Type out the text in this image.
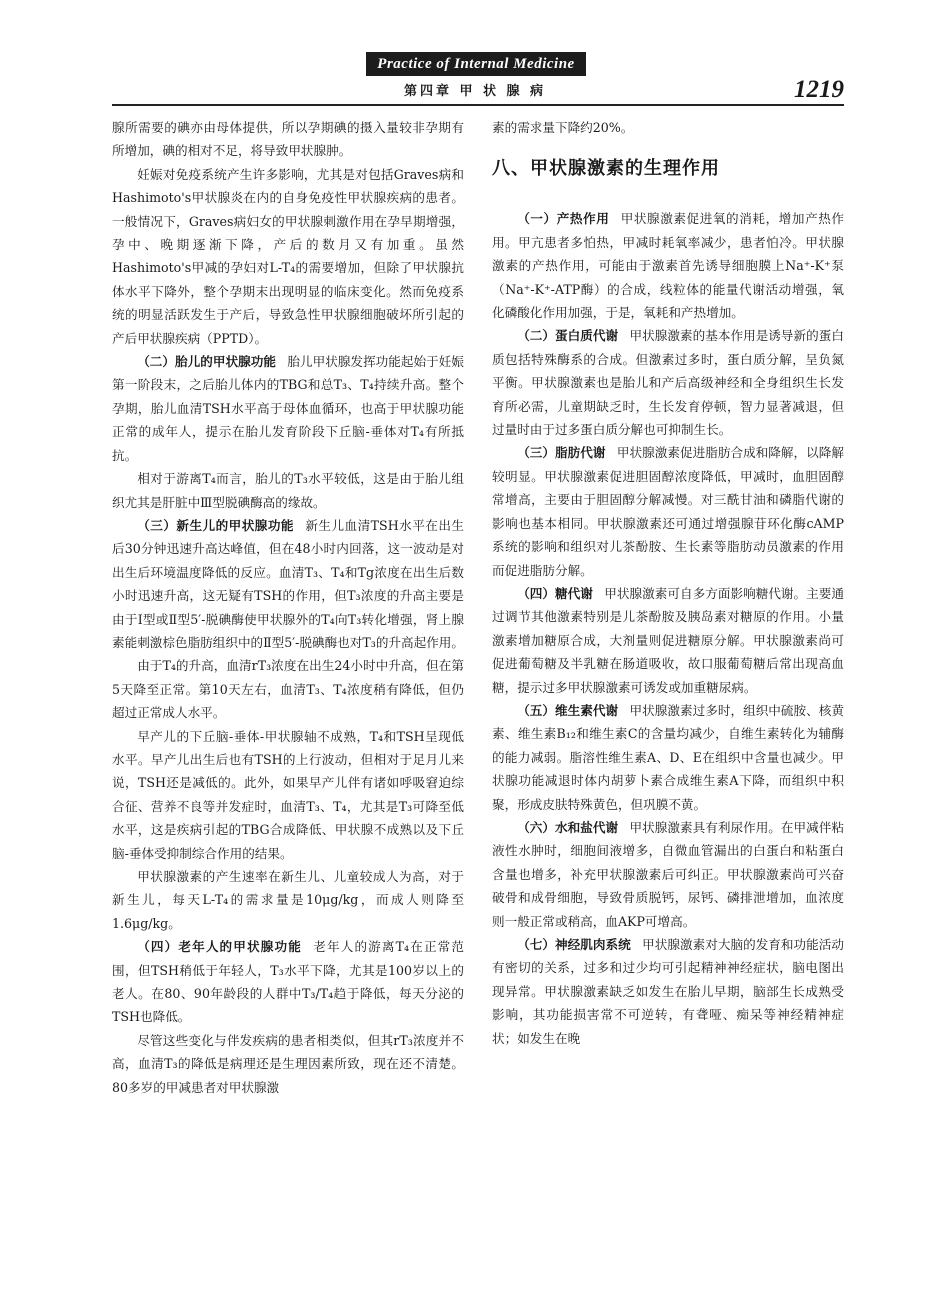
Practice of Internal Medicine
第四章 甲 状 腺 病	1219

腺所需要的碘亦由母体提供，所以孕期碘的摄入量较非孕期有所增加，碘的相对不足，将导致甲状腺肿。

妊娠对免疫系统产生许多影响，尤其是对包括Graves病和Hashimoto's甲状腺炎在内的自身免疫性甲状腺疾病的患者。一般情况下，Graves病妇女的甲状腺刺激作用在孕早期增强，孕中、晚期逐渐下降，产后的数月又有加重。虽然Hashimoto's甲减的孕妇对L-T₄的需要增加，但除了甲状腺抗体水平下降外，整个孕期末出现明显的临床变化。然而免疫系统的明显活跃发生于产后，导致急性甲状腺细胞破坏所引起的产后甲状腺疾病（PPTD）。

（二）胎儿的甲状腺功能 胎儿甲状腺发挥功能起始于妊娠第一阶段末，之后胎儿体内的TBG和总T₃、T₄持续升高。整个孕期，胎儿血清TSH水平高于母体血循环，也高于甲状腺功能正常的成年人，提示在胎儿发育阶段下丘脑-垂体对T₄有所抵抗。

相对于游离T₄而言，胎儿的T₃水平较低，这是由于胎儿组织尤其是肝脏中Ⅲ型脱碘酶高的缘故。

（三）新生儿的甲状腺功能 新生儿血清TSH水平在出生后30分钟迅速升高达峰值，但在48小时内回落，这一波动是对出生后环境温度降低的反应。血清T₃、T₄和Tg浓度在出生后数小时迅速升高，这无疑有TSH的作用，但T₃浓度的升高主要是由于Ⅰ型或Ⅱ型5′-脱碘酶使甲状腺外的T₄向T₃转化增强，肾上腺素能刺激棕色脂肪组织中的Ⅱ型5′-脱碘酶也对T₃的升高起作用。

由于T₄的升高，血清rT₃浓度在出生24小时中升高，但在第5天降至正常。第10天左右，血清T₃、T₄浓度稍有降低，但仍超过正常成人水平。

早产儿的下丘脑-垂体-甲状腺轴不成熟，T₄和TSH呈现低水平。早产儿出生后也有TSH的上行波动，但相对于足月儿来说，TSH还是减低的。此外，如果早产儿伴有诸如呼吸窘迫综合征、营养不良等并发症时，血清T₃、T₄，尤其是T₃可降至低水平，这是疾病引起的TBG合成降低、甲状腺不成熟以及下丘脑-垂体受抑制综合作用的结果。

甲状腺激素的产生速率在新生儿、儿童较成人为高，对于新生儿，每天L-T₄的需求量是10μg/kg，而成人则降至1.6μg/kg。

（四）老年人的甲状腺功能 老年人的游离T₄在正常范围，但TSH稍低于年轻人，T₃水平下降，尤其是100岁以上的老人。在80、90年龄段的人群中T₃/T₄趋于降低，每天分泌的TSH也降低。

尽管这些变化与伴发疾病的患者相类似，但其rT₃浓度并不高，血清T₃的降低是病理还是生理因素所致，现在还不清楚。80多岁的甲减患者对甲状腺激

素的需求量下降约20%。

八、甲状腺激素的生理作用

（一）产热作用 甲状腺激素促进氧的消耗，增加产热作用。甲亢患者多怕热，甲减时耗氧率减少，患者怕冷。甲状腺激素的产热作用，可能由于激素首先诱导细胞膜上Na⁺-K⁺泵（Na⁺-K⁺-ATP酶）的合成，线粒体的能量代谢活动增强，氧化磷酸化作用加强，于是，氧耗和产热增加。

（二）蛋白质代谢 甲状腺激素的基本作用是诱导新的蛋白质包括特殊酶系的合成。但激素过多时，蛋白质分解，呈负氮平衡。甲状腺激素也是胎儿和产后高级神经和全身组织生长发育所必需，儿童期缺乏时，生长发育停顿，智力显著减退，但过量时由于过多蛋白质分解也可抑制生长。

（三）脂肪代谢 甲状腺激素促进脂肪合成和降解，以降解较明显。甲状腺激素促进胆固醇浓度降低，甲减时，血胆固醇常增高，主要由于胆固醇分解减慢。对三酰甘油和磷脂代谢的影响也基本相同。甲状腺激素还可通过增强腺苷环化酶cAMP系统的影响和组织对儿茶酚胺、生长素等脂肪动员激素的作用而促进脂肪分解。

（四）糖代谢 甲状腺激素可自多方面影响糖代谢。主要通过调节其他激素特别是儿茶酚胺及胰岛素对糖原的作用。小量激素增加糖原合成，大剂量则促进糖原分解。甲状腺激素尚可促进葡萄糖及半乳糖在肠道吸收，故口服葡萄糖后常出现高血糖，提示过多甲状腺激素可诱发或加重糖尿病。

（五）维生素代谢 甲状腺激素过多时，组织中硫胺、核黄素、维生素B₁₂和维生素C的含量均减少，自维生素转化为辅酶的能力减弱。脂溶性维生素A、D、E在组织中含量也减少。甲状腺功能减退时体内胡萝卜素合成维生素A下降，而组织中积聚，形成皮肤特殊黄色，但巩膜不黄。

（六）水和盐代谢 甲状腺激素具有利尿作用。在甲减伴粘液性水肿时，细胞间液增多，自微血管漏出的白蛋白和粘蛋白含量也增多，补充甲状腺激素后可纠正。甲状腺激素尚可兴奋破骨和成骨细胞，导致骨质脱钙，尿钙、磷排泄增加，血浓度则一般正常或稍高，血AKP可增高。

（七）神经肌肉系统 甲状腺激素对大脑的发育和功能活动有密切的关系，过多和过少均可引起精神神经症状，脑电图出现异常。甲状腺激素缺乏如发生在胎儿早期，脑部生长成熟受影响，其功能损害常不可逆转，有聋哑、痴呆等神经精神症状；如发生在晚
